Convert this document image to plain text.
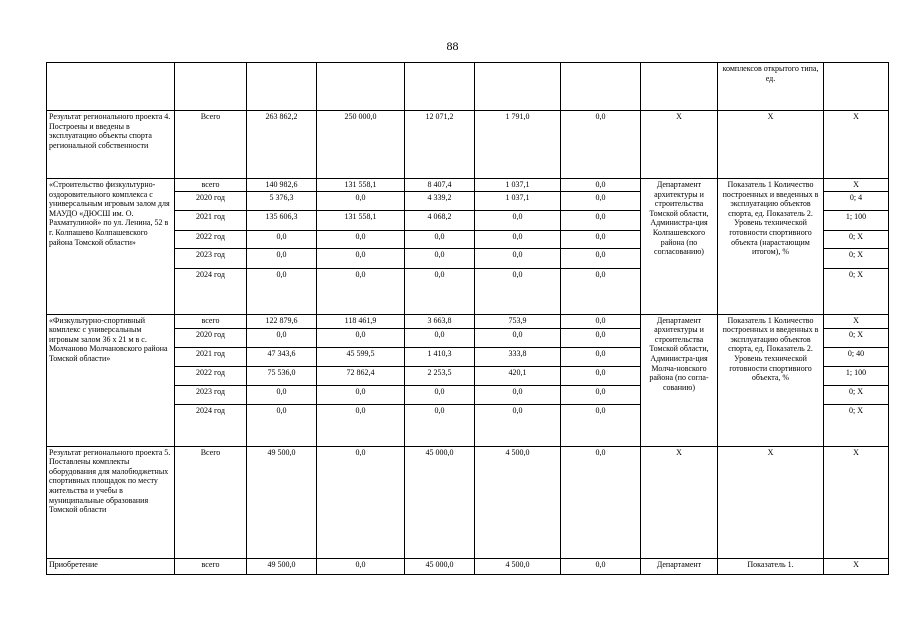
88
								комплексов открытого типа, ед.	
Результат регионального проекта 4. Построены и введены в эксплуатацию объекты спорта региональной собственности	Всего	263 862,2	250 000,0	12 071,2	1 791,0	0,0	X	X	X
«Строительство физкультурно-оздоровительного комплекса с универсальным игровым залом для МАУДО «ДЮСШ им. О. Рахматулиной» по ул. Ленина, 52 в г. Колпашево Колпашевского района Томской области»	всего	140 982,6	131 558,1	8 407,4	1 037,1	0,0	Департамент архитектуры и строительства Томской области, Администра-ция Колпашевского района (по согласованию)	Показатель 1 Количество построенных и введенных в эксплуатацию объектов спорта, ед. Показатель 2. Уровень технической готовности спортивного объекта (нарастающим итогом), %	X
	2020 год	5 376,3	0,0	4 339,2	1 037,1	0,0			0; 4
	2021 год	135 606,3	131 558,1	4 068,2	0,0	0,0			1; 100
	2022 год	0,0	0,0	0,0	0,0	0,0			0; X
	2023 год	0,0	0,0	0,0	0,0	0,0			0; X
	2024 год	0,0	0,0	0,0	0,0	0,0			0; X
«Физкультурно-спортивный комплекс с универсальным игровым залом 36 x 21 м в с. Молчаново Молчановского района Томской области»	всего	122 879,6	118 461,9	3 663,8	753,9	0,0	Департамент архитектуры и строительства Томской области, Администра-ция Молча-новского района (по согла-сованию)	Показатель 1 Количество построенных и введенных в эксплуатацию объектов спорта, ед. Показатель 2. Уровень технической готовности спортивного объекта, %	X
	2020 год	0,0	0,0	0,0	0,0	0,0			0; X
	2021 год	47 343,6	45 599,5	1 410,3	333,8	0,0			0; 40
	2022 год	75 536,0	72 862,4	2 253,5	420,1	0,0			1; 100
	2023 год	0,0	0,0	0,0	0,0	0,0			0; X
	2024 год	0,0	0,0	0,0	0,0	0,0			0; X
Результат регионального проекта 5. Поставлены комплекты оборудования для малобюджетных спортивных площадок по месту жительства и учебы в муниципальные образования Томской области	Всего	49 500,0	0,0	45 000,0	4 500,0	0,0	X	X	X
Приобретение	всего	49 500,0	0,0	45 000,0	4 500,0	0,0	Департамент	Показатель 1.	X
